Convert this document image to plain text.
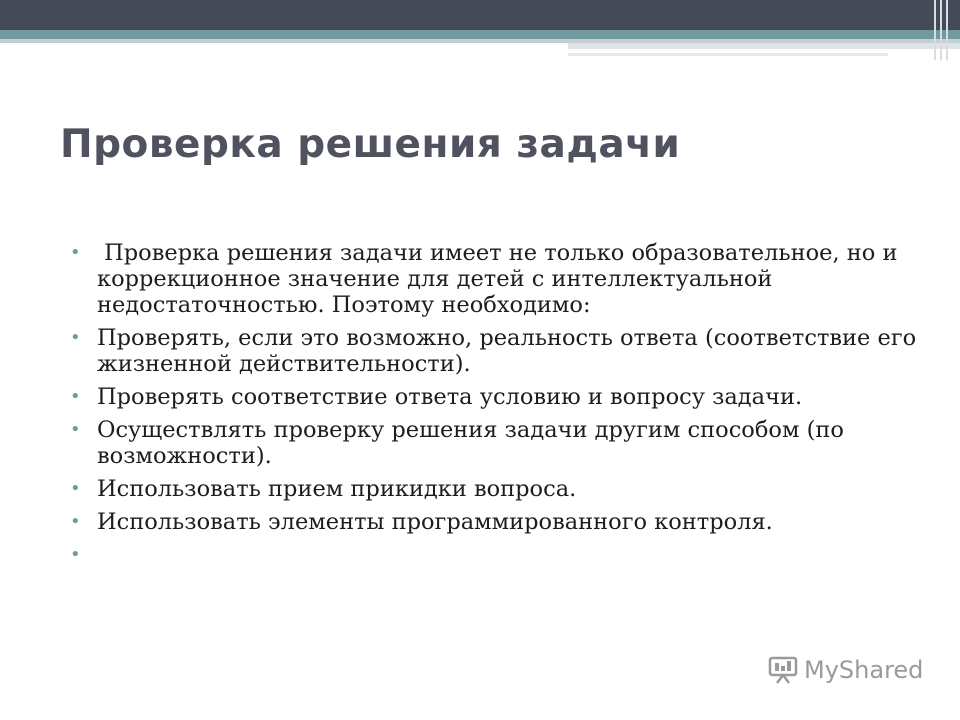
Проверка решения задачи
• Проверка решения задачи имеет не только образовательное, но и коррекционное значение для детей с интеллектуальной недостаточностью. Поэтому необходимо:
• Проверять, если это возможно, реальность ответа (соответствие его жизненной действительности).
• Проверять соответствие ответа условию и вопросу задачи.
• Осуществлять проверку решения задачи другим способом (по возможности).
• Использовать прием прикидки вопроса.
• Использовать элементы программированного контроля.
•
MyShared
